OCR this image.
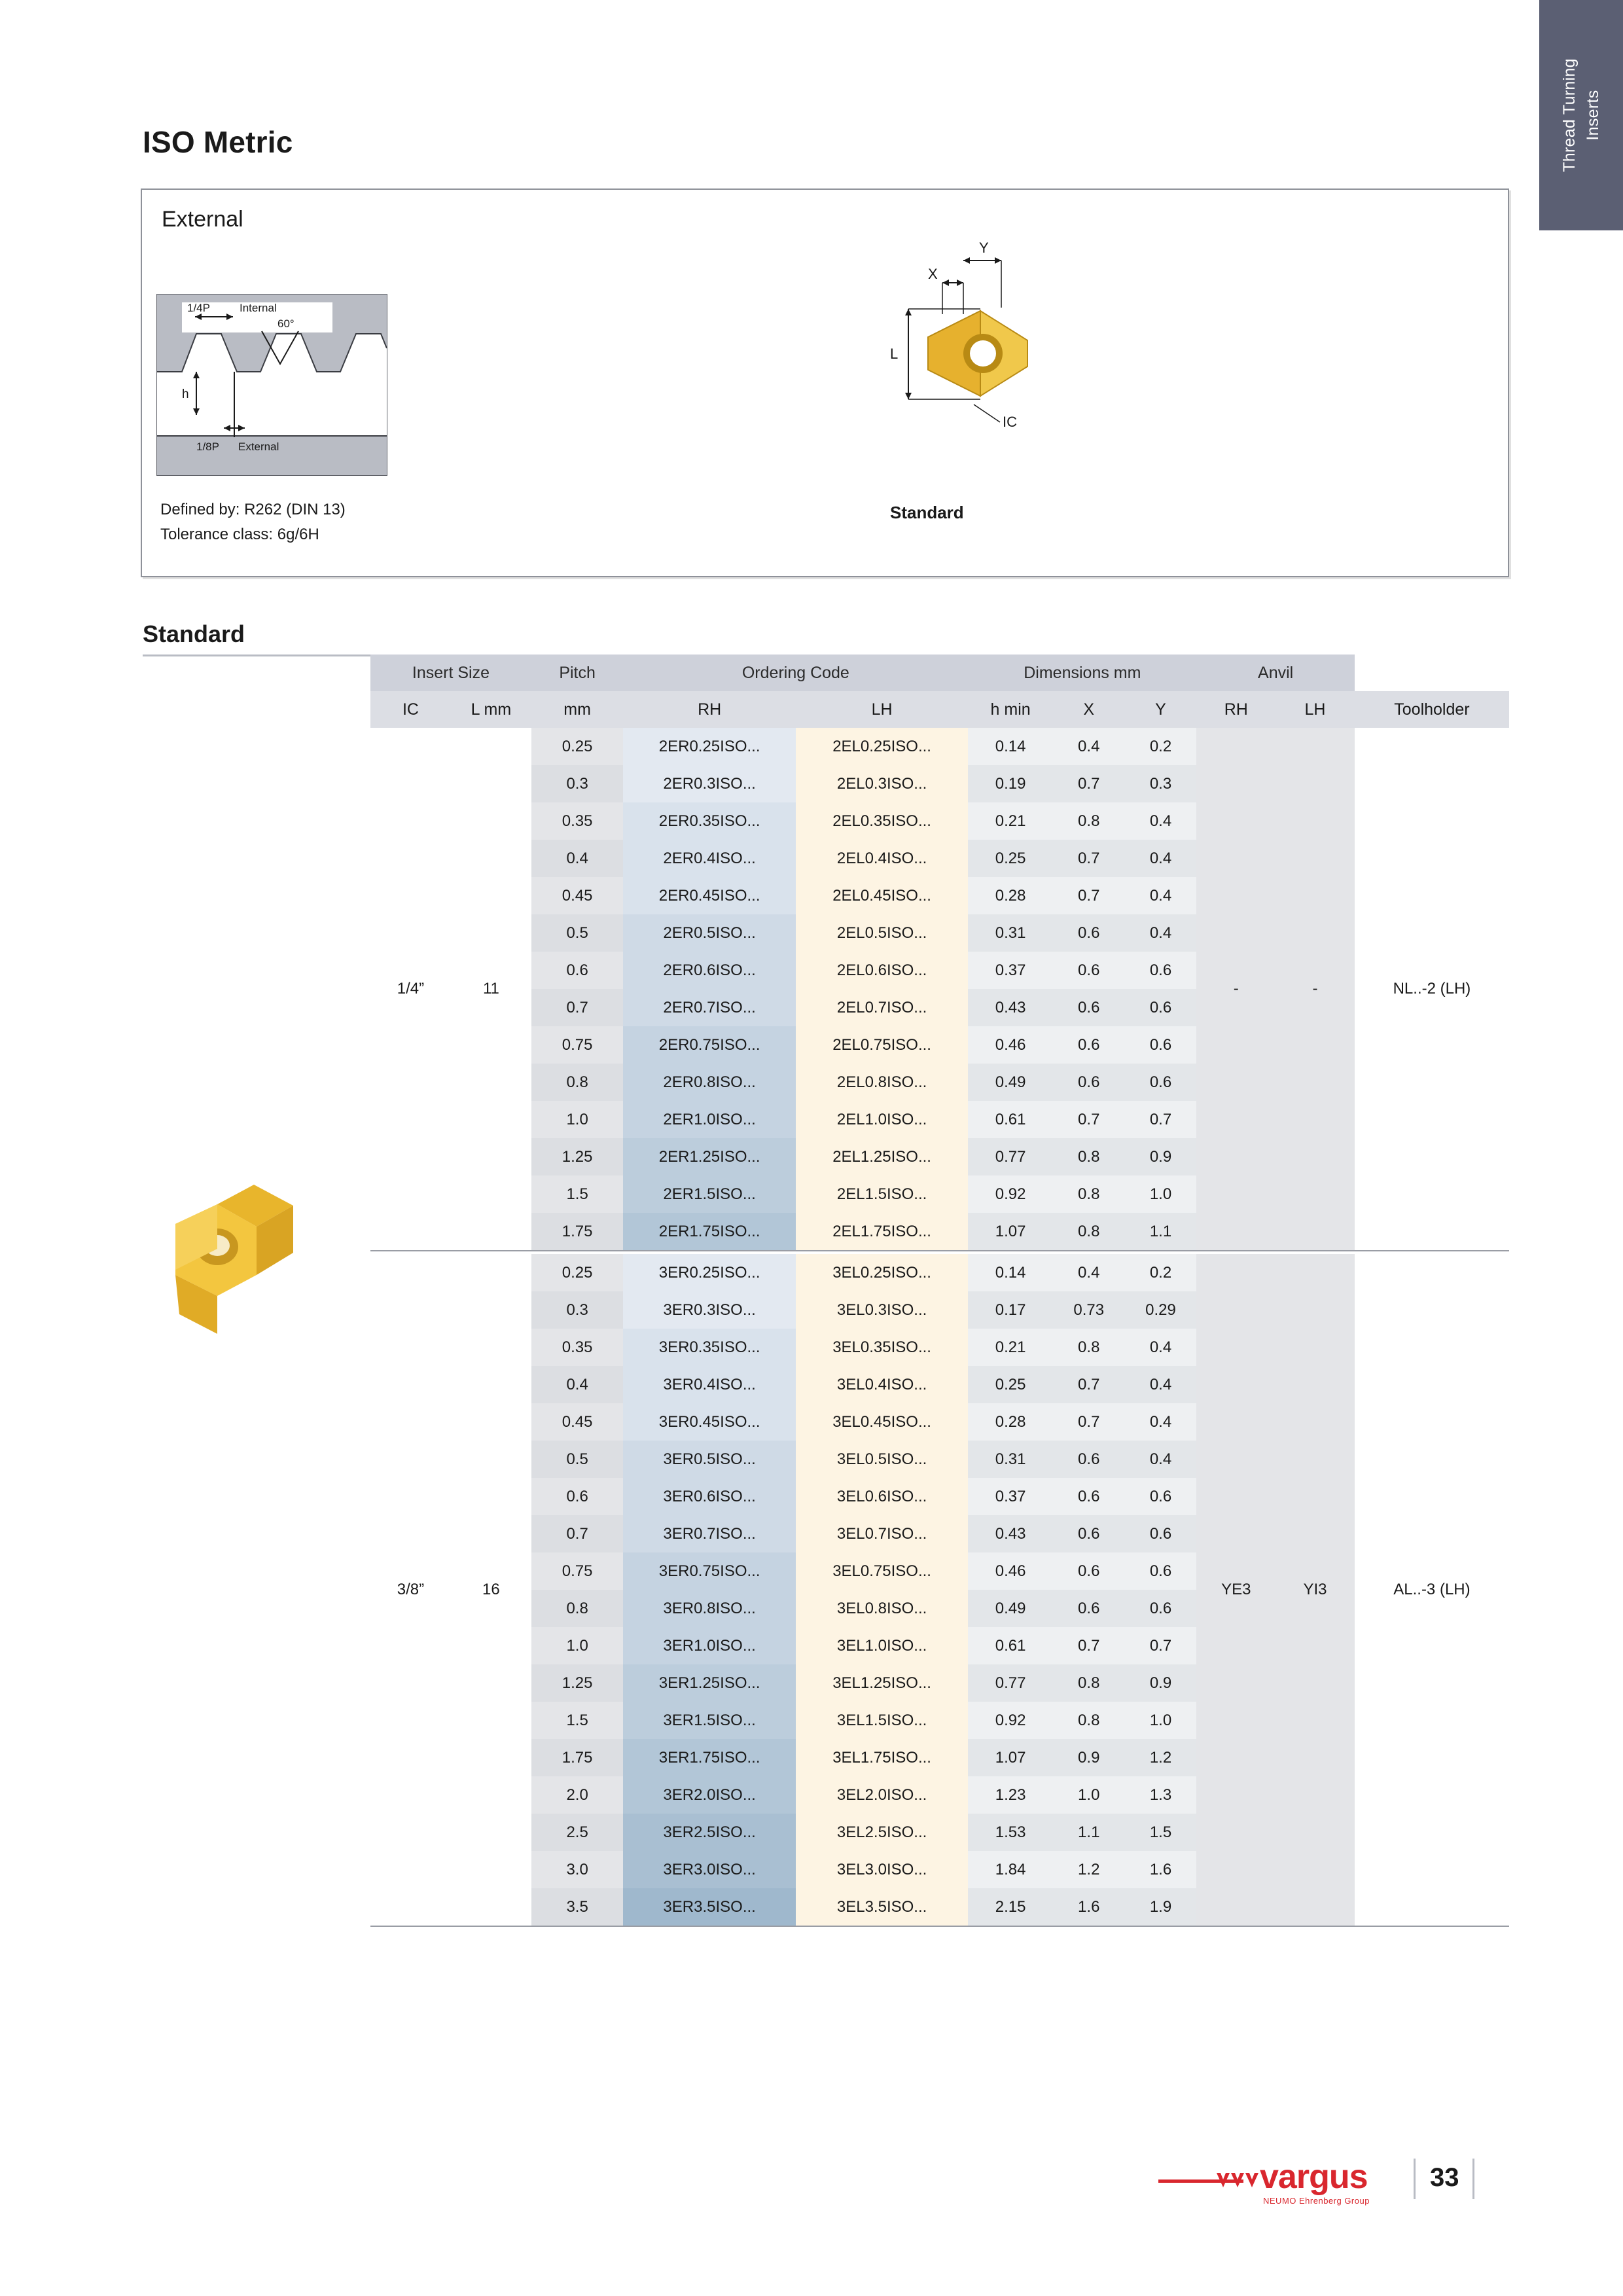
Thread Turning Inserts
ISO Metric
External
1/4P	Internal
60°
h
1/8P External
Defined by: R262 (DIN 13)
Tolerance class: 6g/6H
X
Y
L
IC
Standard
Standard
Insert Size		Pitch	Ordering Code		Dimensions mm			Anvil		
IC	L mm	mm	RH	LH	h min	X	Y	RH	LH	Toolholder
1/4”	11	0.25	2ER0.25ISO...	2EL0.25ISO...	0.14	0.4	0.2	-	-	NL..-2 (LH)
		0.3	2ER0.3ISO...	2EL0.3ISO...	0.19	0.7	0.3			
		0.35	2ER0.35ISO...	2EL0.35ISO...	0.21	0.8	0.4			
		0.4	2ER0.4ISO...	2EL0.4ISO...	0.25	0.7	0.4			
		0.45	2ER0.45ISO...	2EL0.45ISO...	0.28	0.7	0.4			
		0.5	2ER0.5ISO...	2EL0.5ISO...	0.31	0.6	0.4			
		0.6	2ER0.6ISO...	2EL0.6ISO...	0.37	0.6	0.6			
		0.7	2ER0.7ISO...	2EL0.7ISO...	0.43	0.6	0.6			
		0.75	2ER0.75ISO...	2EL0.75ISO...	0.46	0.6	0.6			
		0.8	2ER0.8ISO...	2EL0.8ISO...	0.49	0.6	0.6			
		1.0	2ER1.0ISO...	2EL1.0ISO...	0.61	0.7	0.7			
		1.25	2ER1.25ISO...	2EL1.25ISO...	0.77	0.8	0.9			
		1.5	2ER1.5ISO...	2EL1.5ISO...	0.92	0.8	1.0			
		1.75	2ER1.75ISO...	2EL1.75ISO...	1.07	0.8	1.1			

3/8”	16	0.25	3ER0.25ISO...	3EL0.25ISO...	0.14	0.4	0.2	YE3	YI3	AL..-3 (LH)
		0.3	3ER0.3ISO...	3EL0.3ISO...	0.17	0.73	0.29			
		0.35	3ER0.35ISO...	3EL0.35ISO...	0.21	0.8	0.4			
		0.4	3ER0.4ISO...	3EL0.4ISO...	0.25	0.7	0.4			
		0.45	3ER0.45ISO...	3EL0.45ISO...	0.28	0.7	0.4			
		0.5	3ER0.5ISO...	3EL0.5ISO...	0.31	0.6	0.4			
		0.6	3ER0.6ISO...	3EL0.6ISO...	0.37	0.6	0.6			
		0.7	3ER0.7ISO...	3EL0.7ISO...	0.43	0.6	0.6			
		0.75	3ER0.75ISO...	3EL0.75ISO...	0.46	0.6	0.6			
		0.8	3ER0.8ISO...	3EL0.8ISO...	0.49	0.6	0.6			
		1.0	3ER1.0ISO...	3EL1.0ISO...	0.61	0.7	0.7			
		1.25	3ER1.25ISO...	3EL1.25ISO...	0.77	0.8	0.9			
		1.5	3ER1.5ISO...	3EL1.5ISO...	0.92	0.8	1.0			
		1.75	3ER1.75ISO...	3EL1.75ISO...	1.07	0.9	1.2			
		2.0	3ER2.0ISO...	3EL2.0ISO...	1.23	1.0	1.3			
		2.5	3ER2.5ISO...	3EL2.5ISO...	1.53	1.1	1.5			
		3.0	3ER3.0ISO...	3EL3.0ISO...	1.84	1.2	1.6			
		3.5	3ER3.5ISO...	3EL3.5ISO...	2.15	1.6	1.9			

vargus
NEUMO Ehrenberg Group
33
